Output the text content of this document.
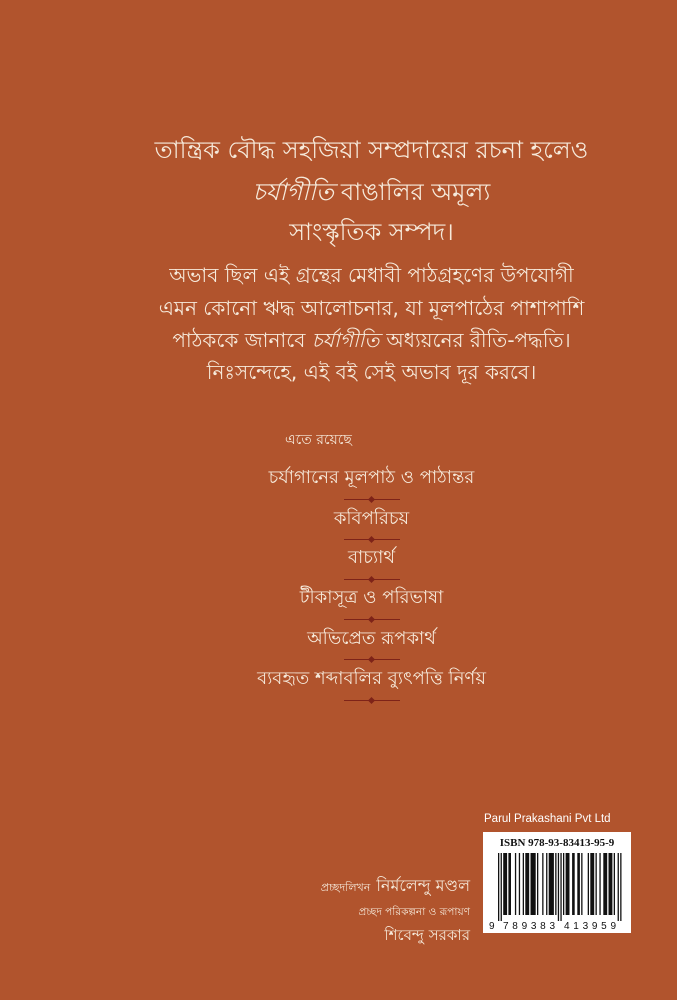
তান্ত্রিক বৌদ্ধ সহজিয়া সম্প্রদায়ের রচনা হলেও
চর্যাগীতি বাঙালির অমূল্য
সাংস্কৃতিক সম্পদ।
অভাব ছিল এই গ্রন্থের মেধাবী পাঠগ্রহণের উপযোগী
এমন কোনো ঋদ্ধ আলোচনার, যা মূলপাঠের পাশাপাশি
পাঠককে জানাবে চর্যাগীতি অধ্যয়নের রীতি-পদ্ধতি।
নিঃসন্দেহে, এই বই সেই অভাব দূর করবে।
চর্যাগানের মূলপাঠ ও পাঠান্তর
কবিপরিচয়
বাচ্যার্থ
টীকাসূত্র ও পরিভাষা
অভিপ্রেত রূপকার্থ
ব্যবহৃত শব্দাবলির ব্যুৎপত্তি নির্ণয়
এতে রয়েছে
প্রচ্ছদলিখন নির্মলেন্দু মণ্ডল
প্রচ্ছদ পরিকল্পনা ও রূপায়ণ
শিবেন্দু সরকার
Parul Prakashani Pvt Ltd
ISBN 978-93-83413-95-9
9 789383 413959
